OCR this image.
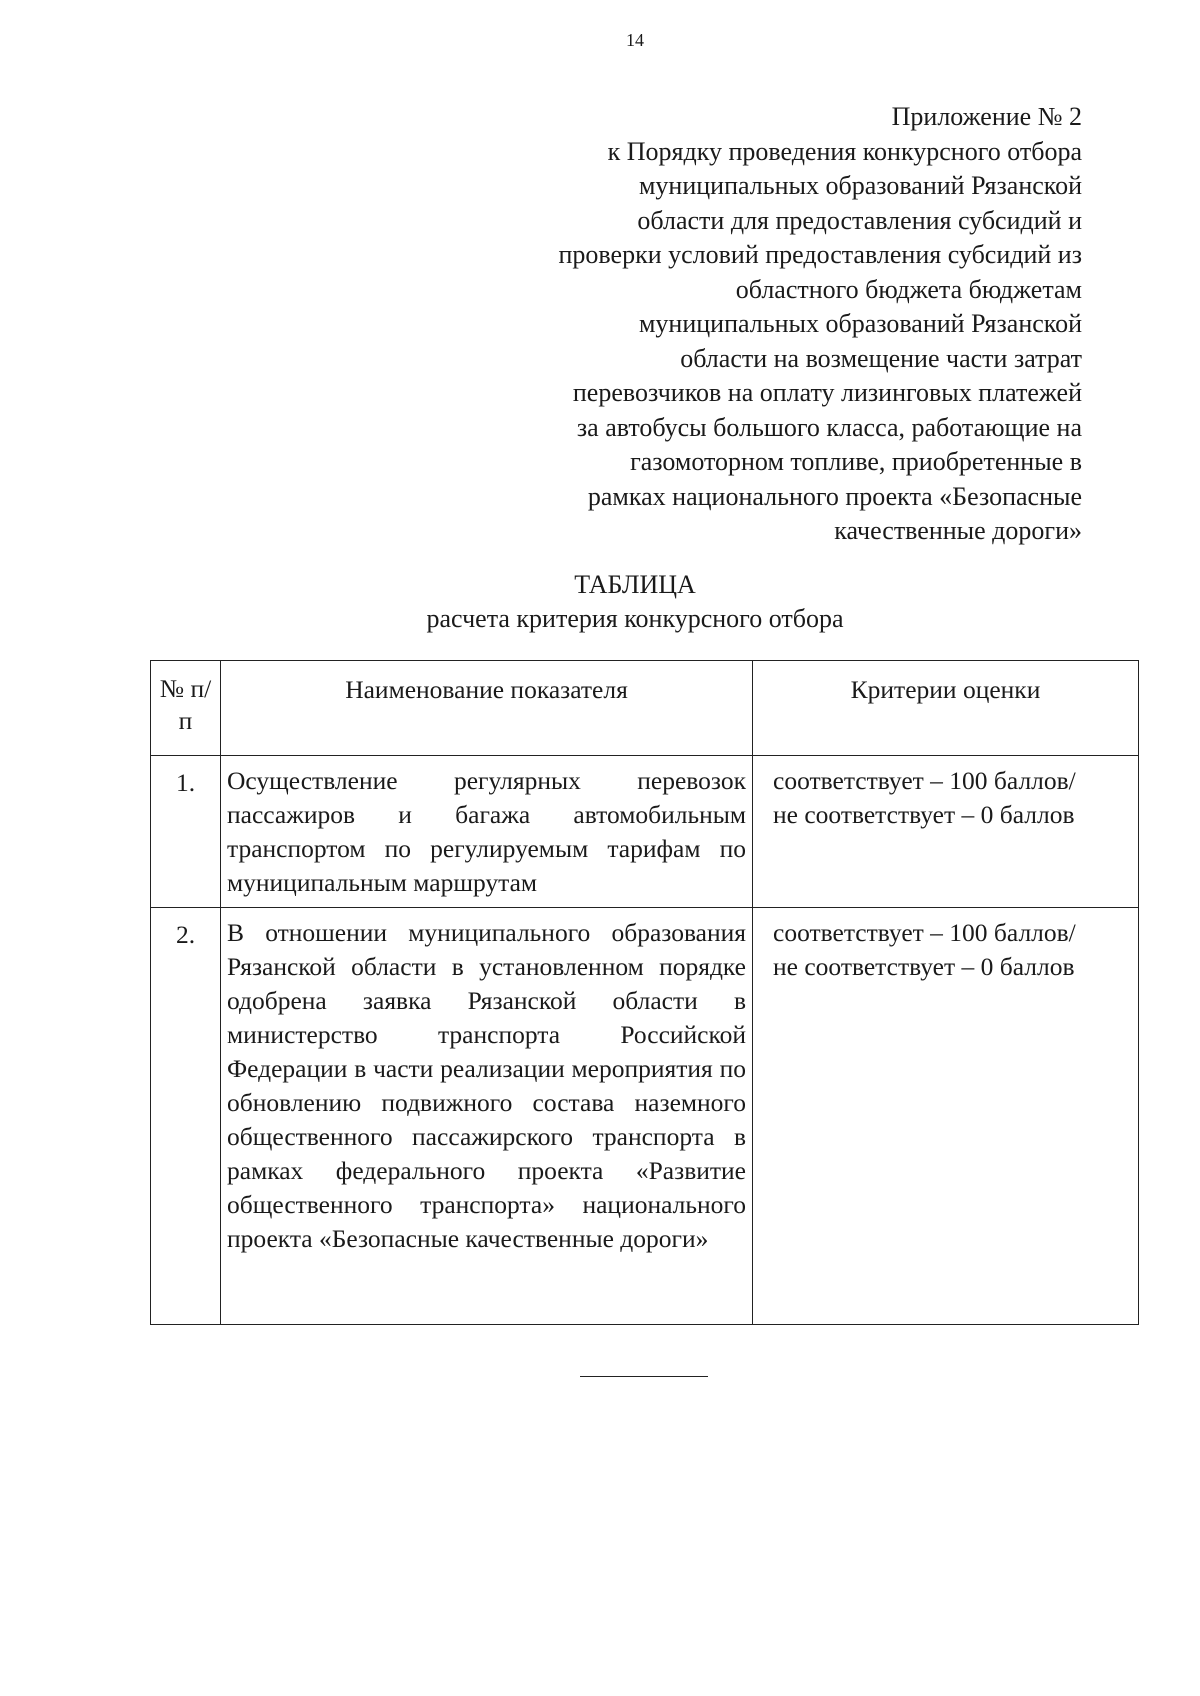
14
Приложение № 2
к Порядку проведения конкурсного отбора
муниципальных образований Рязанской
области для предоставления субсидий и
проверки условий предоставления субсидий из
областного бюджета бюджетам
муниципальных образований Рязанской
области на возмещение части затрат
перевозчиков на оплату лизинговых платежей
за автобусы большого класса, работающие на
газомоторном топливе, приобретенные в
рамках национального проекта «Безопасные
качественные дороги»
ТАБЛИЦА
расчета критерия конкурсного отбора
№ п/п	Наименование показателя	Критерии оценки
1.	Осуществление регулярных перевозок пассажиров и багажа автомобильным транспортом по регулируемым тарифам по муниципальным маршрутам	соответствует – 100 баллов/
не соответствует – 0 баллов

2.	В отношении муниципального образования Рязанской области в установленном порядке одобрена заявка Рязанской области в министерство транспорта Российской Федерации в части реализации мероприятия по обновлению подвижного состава наземного общественного пассажирского транспорта в рамках федерального проекта «Развитие общественного транспорта» национального проекта «Безопасные качественные дороги»	соответствует – 100 баллов/
не соответствует – 0 баллов
